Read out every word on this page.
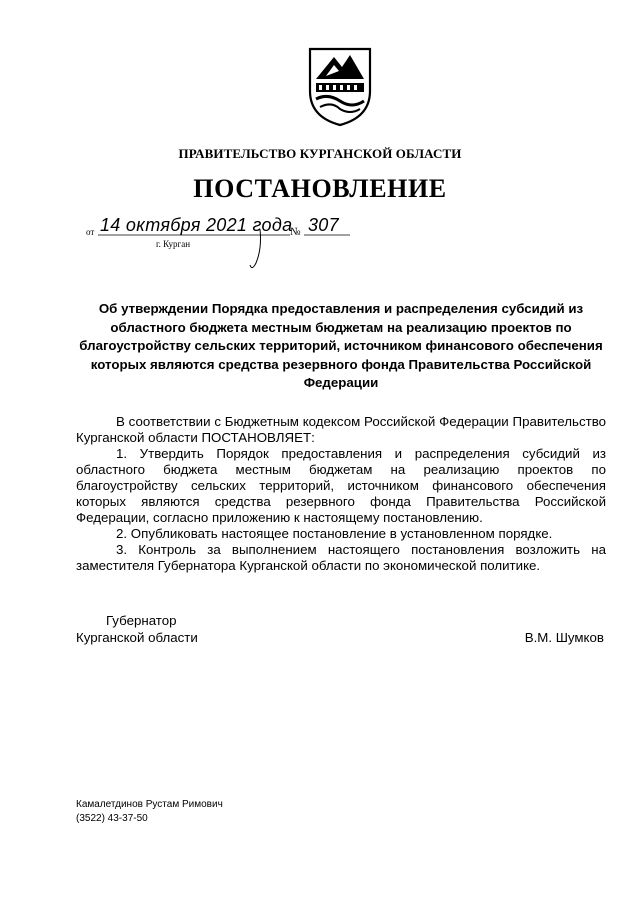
ПРАВИТЕЛЬСТВО КУРГАНСКОЙ ОБЛАСТИ
ПОСТАНОВЛЕНИЕ
от 14 октября 2021 года
№ 307
г. Курган
Об утверждении Порядка предоставления и распределения субсидий из областного бюджета местным бюджетам на реализацию проектов по благоустройству сельских территорий, источником финансового обеспечения которых являются средства резервного фонда Правительства Российской Федерации

В соответствии с Бюджетным кодексом Российской Федерации Правительство Курганской области ПОСТАНОВЛЯЕТ:

1. Утвердить Порядок предоставления и распределения субсидий из областного бюджета местным бюджетам на реализацию проектов по благоустройству сельских территорий, источником финансового обеспечения которых являются средства резервного фонда Правительства Российской Федерации, согласно приложению к настоящему постановлению.

2. Опубликовать настоящее постановление в установленном порядке.

3. Контроль за выполнением настоящего постановления возложить на заместителя Губернатора Курганской области по экономической политике.

Губернатор
Курганской области	В.М. Шумков
Камалетдинов Рустам Римович
(3522) 43-37-50
